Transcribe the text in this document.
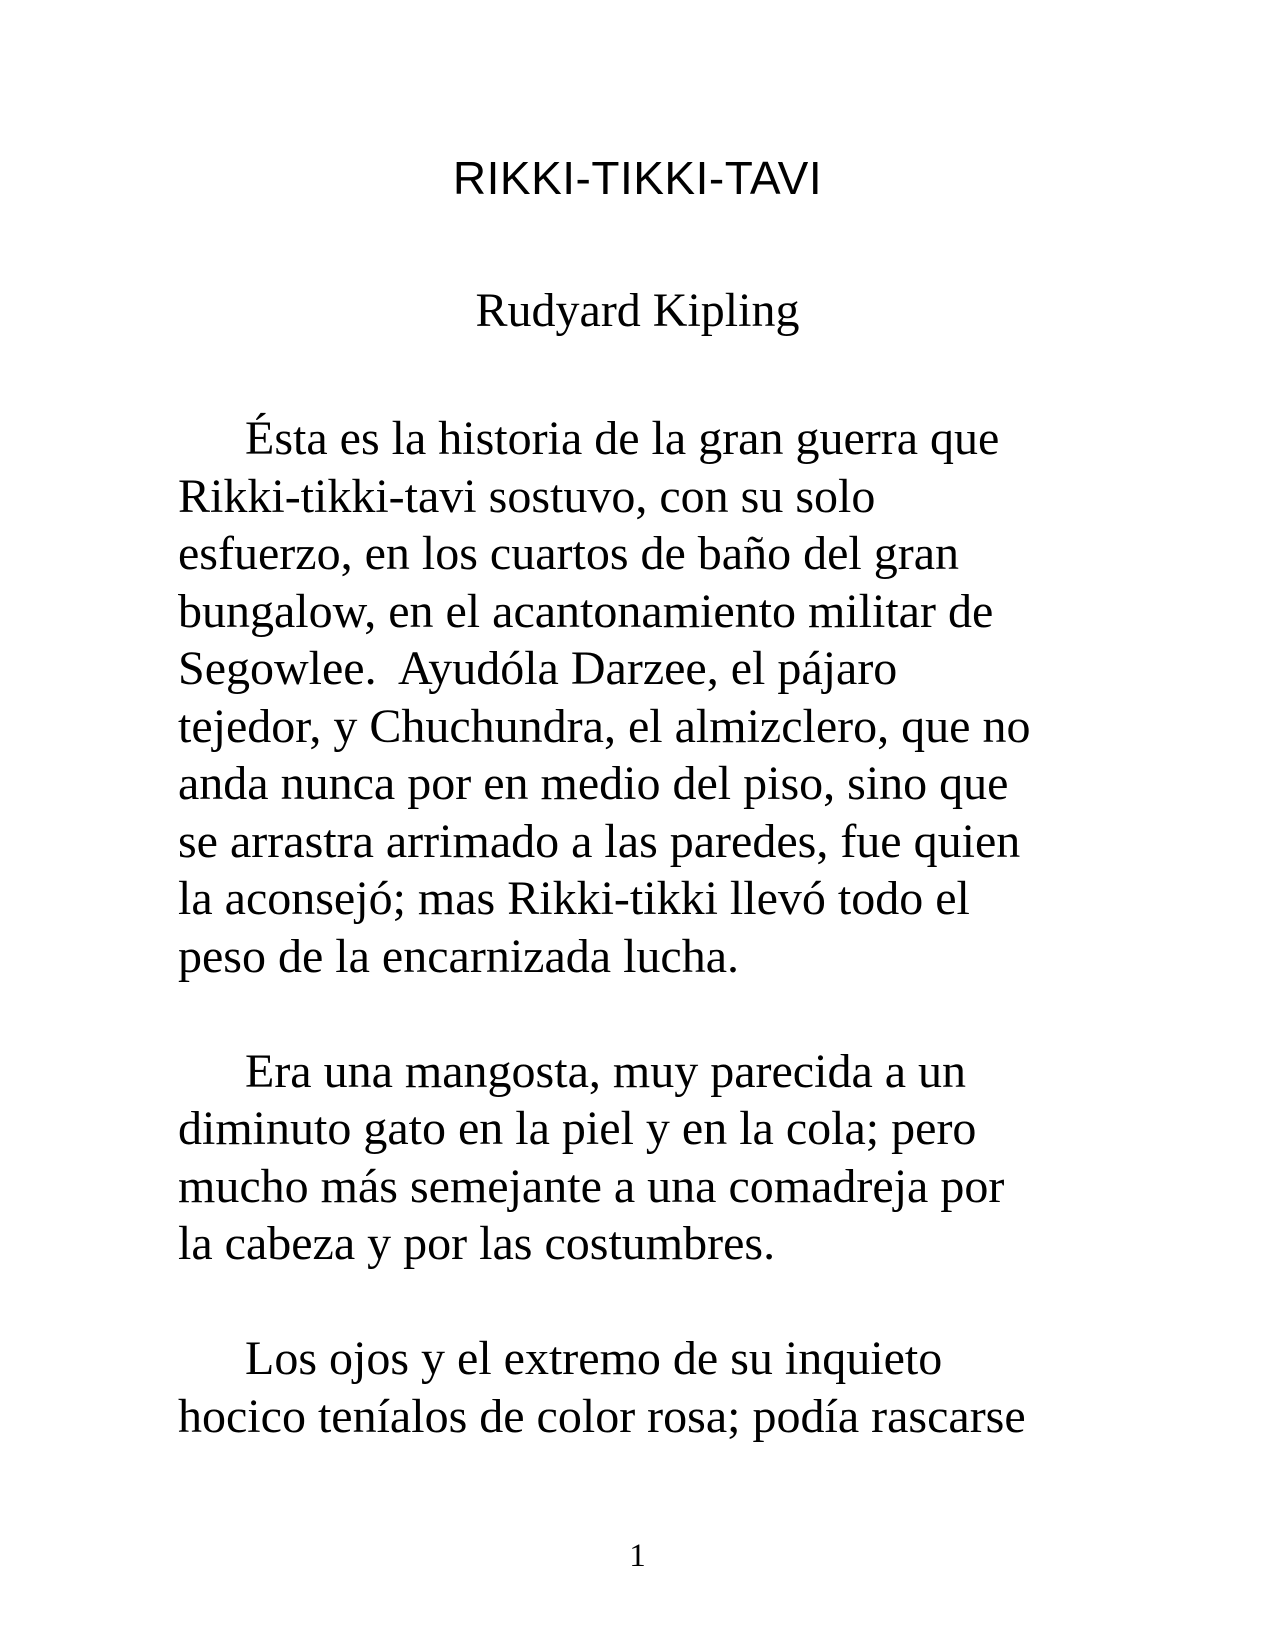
RIKKI-TIKKI-TAVI
Rudyard Kipling
Ésta es la historia de la gran guerra que
Rikki-tikki-tavi sostuvo, con su solo
esfuerzo, en los cuartos de baño del gran
bungalow, en el acantonamiento militar de
Segowlee.  Ayudóla Darzee, el pájaro
tejedor, y Chuchundra, el almizclero, que no
anda nunca por en medio del piso, sino que
se arrastra arrimado a las paredes, fue quien
la aconsejó; mas Rikki-tikki llevó todo el
peso de la encarnizada lucha.
Era una mangosta, muy parecida a un
diminuto gato en la piel y en la cola; pero
mucho más semejante a una comadreja por
la cabeza y por las costumbres.
Los ojos y el extremo de su inquieto
hocico teníalos de color rosa; podía rascarse
1
